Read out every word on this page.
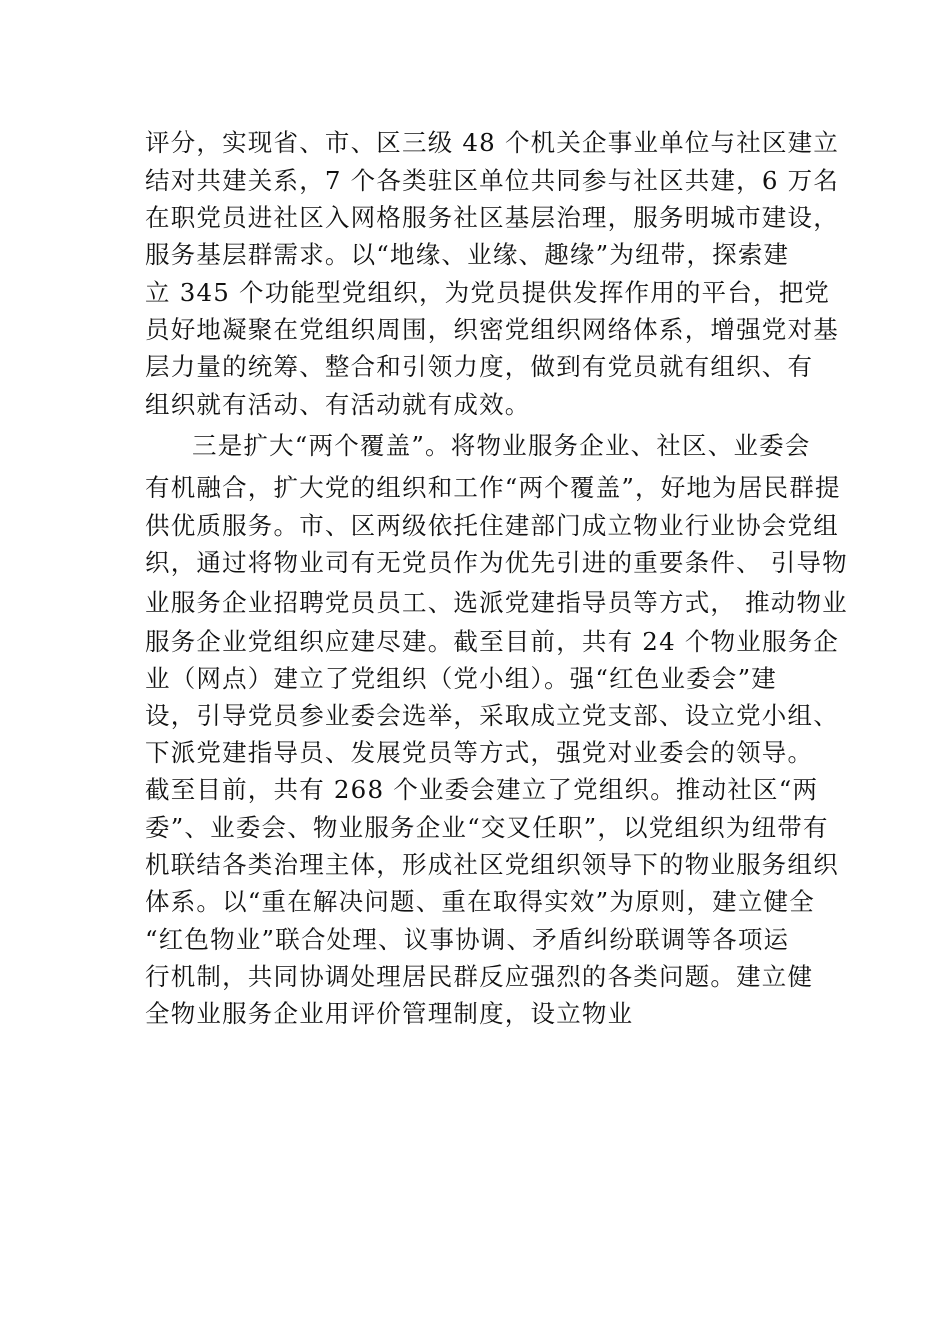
评分，实现省、市、区三级 48 个机关企事业单位与社区建立
结对共建关系，7 个各类驻区单位共同参与社区共建，6 万名
在职党员进社区入网格服务社区基层治理，服务明城市建设，
服务基层群需求。以“地缘、业缘、趣缘”为纽带，探索建
立 345 个功能型党组织，为党员提供发挥作用的平台，把党
员好地凝聚在党组织周围，织密党组织网络体系，增强党对基
层力量的统筹、整合和引领力度，做到有党员就有组织、有
组织就有活动、有活动就有成效。
三是扩大“两个覆盖”。将物业服务企业、社区、业委会
有机融合，扩大党的组织和工作“两个覆盖”，好地为居民群提
供优质服务。市、区两级依托住建部门成立物业行业协会党组
织，通过将物业司有无党员作为优先引进的重要条件、 引导物
业服务企业招聘党员员工、选派党建指导员等方式， 推动物业
服务企业党组织应建尽建。截至目前，共有 24 个物业服务企
业（网点）建立了党组织（党小组）。强“红色业委会”建
设，引导党员参业委会选举，采取成立党支部、设立党小组、
下派党建指导员、发展党员等方式，强党对业委会的领导。
截至目前，共有 268 个业委会建立了党组织。推动社区“两
委”、业委会、物业服务企业“交叉任职”，以党组织为纽带有
机联结各类治理主体，形成社区党组织领导下的物业服务组织
体系。以“重在解决问题、重在取得实效”为原则，建立健全
“红色物业”联合处理、议事协调、矛盾纠纷联调等各项运
行机制，共同协调处理居民群反应强烈的各类问题。建立健
全物业服务企业用评价管理制度，设立物业
